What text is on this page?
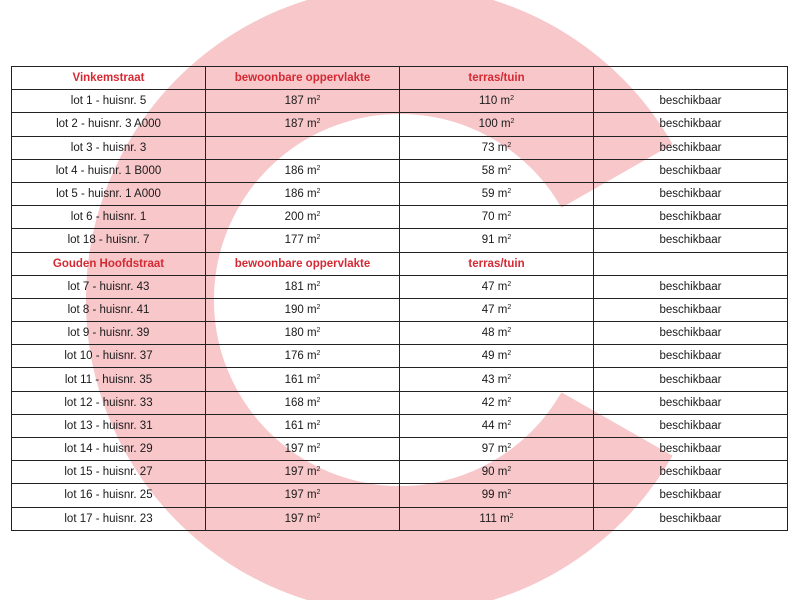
Vinkemstraat	bewoonbare oppervlakte	terras/tuin	
lot 1 - huisnr. 5	187 $m^2$	110 $m^2$	beschikbaar
lot 2 - huisnr. 3 A000	187 $m^2$	100 $m^2$	beschikbaar
lot 3 - huisnr. 3		73 $m^2$	beschikbaar
lot 4 - huisnr. 1 B000	186 $m^2$	58 $m^2$	beschikbaar
lot 5 - huisnr. 1 A000	186 $m^2$	59 $m^2$	beschikbaar
lot 6 - huisnr. 1	200 $m^2$	70 $m^2$	beschikbaar
lot 18 - huisnr. 7	177 $m^2$	91 $m^2$	beschikbaar
Gouden Hoofdstraat	bewoonbare oppervlakte	terras/tuin	
lot 7 - huisnr. 43	181 $m^2$	47 $m^2$	beschikbaar
lot 8 - huisnr. 41	190 $m^2$	47 $m^2$	beschikbaar
lot 9 - huisnr. 39	180 $m^2$	48 $m^2$	beschikbaar
lot 10 - huisnr. 37	176 $m^2$	49 $m^2$	beschikbaar
lot 11 - huisnr. 35	161 $m^2$	43 $m^2$	beschikbaar
lot 12 - huisnr. 33	168 $m^2$	42 $m^2$	beschikbaar
lot 13 - huisnr. 31	161 $m^2$	44 $m^2$	beschikbaar
lot 14 - huisnr. 29	197 $m^2$	97 $m^2$	beschikbaar
lot 15 - huisnr. 27	197 $m^2$	90 $m^2$	beschikbaar
lot 16 - huisnr. 25	197 $m^2$	99 $m^2$	beschikbaar
lot 17 - huisnr. 23	197 $m^2$	111 $m^2$	beschikbaar
